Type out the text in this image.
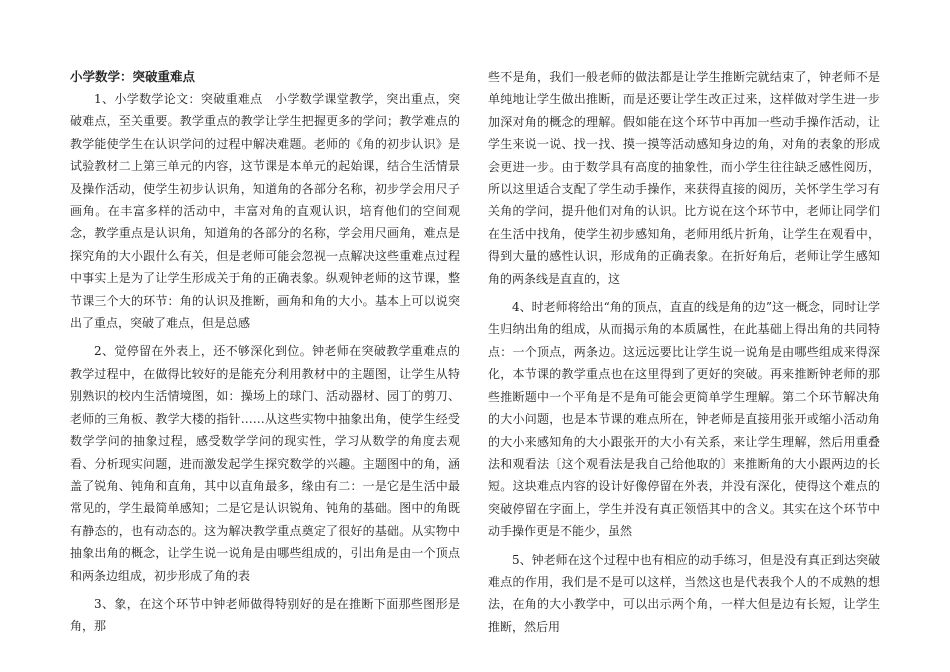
小学数学：突破重难点

1、小学数学论文：突破重难点　小学数学课堂教学，突出重点，突破难点，至关重要。教学重点的教学让学生把握更多的学问；教学难点的教学能使学生在认识学问的过程中解决难题。老师的《角的初步认识》是试验教材二上第三单元的内容，这节课是本单元的起始课，结合生活情景及操作活动，使学生初步认识角，知道角的各部分名称，初步学会用尺子画角。在丰富多样的活动中，丰富对角的直观认识，培育他们的空间观念，教学重点是认识角，知道角的各部分的名称，学会用尺画角，难点是探究角的大小跟什么有关，但是老师可能会忽视一点解决这些重难点过程中事实上是为了让学生形成关于角的正确表象。纵观钟老师的这节课，整节课三个大的环节：角的认识及推断，画角和角的大小。基本上可以说突出了重点，突破了难点，但是总感

2、觉停留在外表上，还不够深化到位。钟老师在突破教学重难点的教学过程中，在做得比较好的是能充分利用教材中的主题图，让学生从特别熟识的校内生活情境图，如：操场上的球门、活动器材、园丁的剪刀、老师的三角板、教学大楼的指针……从这些实物中抽象出角，使学生经受数学学问的抽象过程，感受数学学问的现实性，学习从数学的角度去观看、分析现实问题，进而激发起学生探究数学的兴趣。主题图中的角，涵盖了锐角、钝角和直角，其中以直角最多，缘由有二：一是它是生活中最常见的，学生最简单感知；二是它是认识锐角、钝角的基础。图中的角既有静态的，也有动态的。这为解决教学重点奠定了很好的基础。从实物中抽象出角的概念，让学生说一说角是由哪些组成的，引出角是由一个顶点和两条边组成，初步形成了角的表

3、象，在这个环节中钟老师做得特别好的是在推断下面那些图形是角，那

些不是角，我们一般老师的做法都是让学生推断完就结束了，钟老师不是单纯地让学生做出推断，而是还要让学生改正过来，这样做对学生进一步加深对角的概念的理解。假如能在这个环节中再加一些动手操作活动，让学生来说一说、找一找、摸一摸等活动感知身边的角，对角的表象的形成会更进一步。由于数学具有高度的抽象性，而小学生往往缺乏感性阅历，所以这里适合支配了学生动手操作，来获得直接的阅历，关怀学生学习有关角的学问，提升他们对角的认识。比方说在这个环节中，老师让同学们在生活中找角，使学生初步感知角，老师用纸片折角，让学生在观看中，得到大量的感性认识，形成角的正确表象。在折好角后，老师让学生感知角的两条线是直直的，这

4、时老师将给出“角的顶点，直直的线是角的边”这一概念，同时让学生归纳出角的组成，从而揭示角的本质属性，在此基础上得出角的共同特点：一个顶点，两条边。这远远要比让学生说一说角是由哪些组成来得深化，本节课的教学重点也在这里得到了更好的突破。再来推断钟老师的那些推断题中一个平角是不是角可能会更简单学生理解。第二个环节解决角的大小问题，也是本节课的难点所在，钟老师是直接用张开或缩小活动角的大小来感知角的大小跟张开的大小有关系，来让学生理解，然后用重叠法和观看法〔这个观看法是我自己给他取的〕来推断角的大小跟两边的长短。这块难点内容的设计好像停留在外表，并没有深化，使得这个难点的突破停留在字面上，学生并没有真正领悟其中的含义。其实在这个环节中动手操作更是不能少，虽然

5、钟老师在这个过程中也有相应的动手练习，但是没有真正到达突破难点的作用，我们是不是可以这样，当然这也是代表我个人的不成熟的想法，在角的大小教学中，可以出示两个角，一样大但是边有长短，让学生推断，然后用
